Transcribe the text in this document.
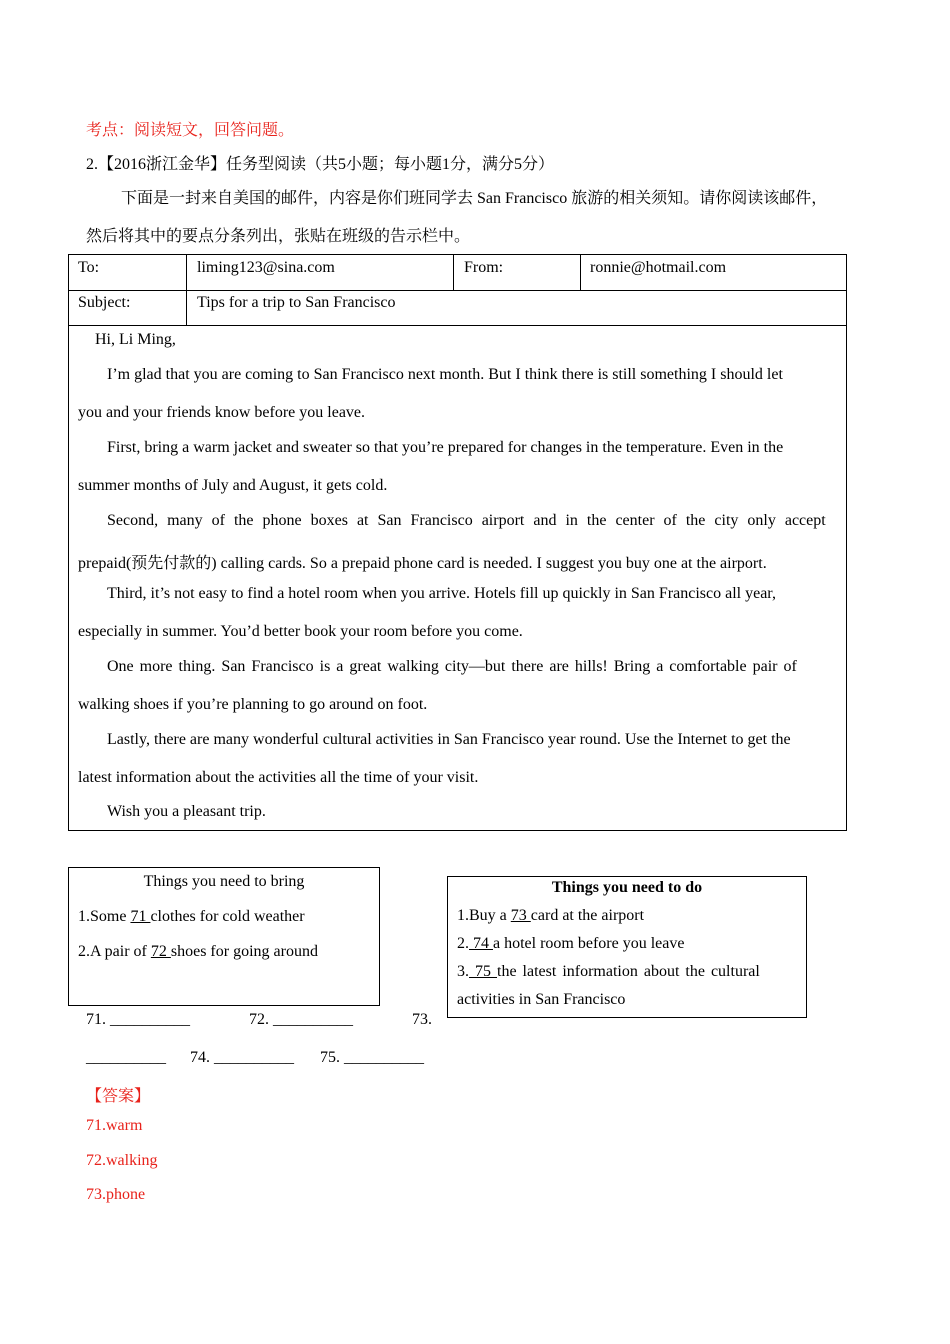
考点：阅读短文，回答问题。
2.【2016浙江金华】任务型阅读（共5小题；每小题1分，满分5分）
下面是一封来自美国的邮件，内容是你们班同学去 San Francisco 旅游的相关须知。请你阅读该邮件，
然后将其中的要点分条列出，张贴在班级的告示栏中。
To:	liming123@sina.com	From:	ronnie@hotmail.com
Subject:	Tips for a trip to San Francisco
Hi, Li Ming,
I’m glad that you are coming to San Francisco next month. But I think there is still something I should let
you and your friends know before you leave.
First, bring a warm jacket and sweater so that you’re prepared for changes in the temperature. Even in the
summer months of July and August, it gets cold.
Second, many of the phone boxes at San Francisco airport and in the center of the city only accept
prepaid(预先付款的) calling cards. So a prepaid phone card is needed. I suggest you buy one at the airport.
Third, it’s not easy to find a hotel room when you arrive. Hotels fill up quickly in San Francisco all year,
especially in summer. You’d better book your room before you come.
One more thing. San Francisco is a great walking city—but there are hills! Bring a comfortable pair of
walking shoes if you’re planning to go around on foot.
Lastly, there are many wonderful cultural activities in San Francisco year round. Use the Internet to get the
latest information about the activities all the time of your visit.
Wish you a pleasant trip.
Things you need to bring
1.Some 71 clothes for cold weather
2.A pair of 72 shoes for going around
Things you need to do
1.Buy a 73 card at the airport
2. 74 a hotel room before you leave
3. 75 the latest information about the cultural
activities in San Francisco
71. __________	72. __________	73.
__________ 74. __________ 75. __________
【答案】
71.warm
72.walking
73.phone
